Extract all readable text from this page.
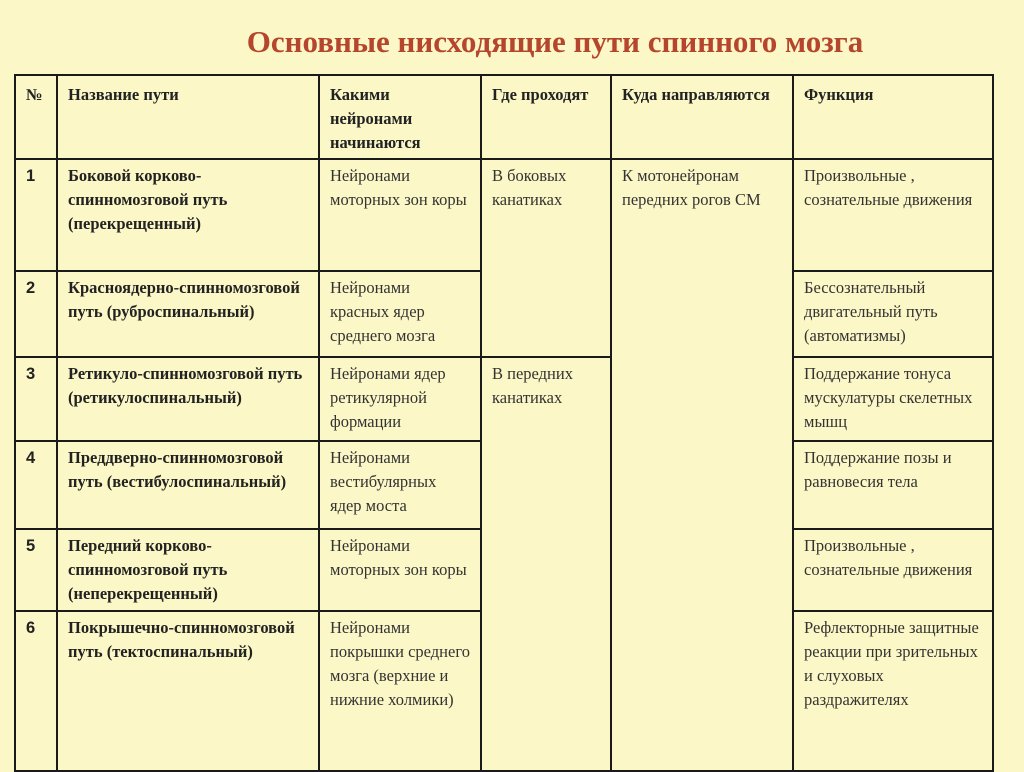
Основные нисходящие пути спинного мозга
№	Название пути	Какими нейронами начинаются	Где проходят	Куда направляются	Функция
1	Боковой корково-спинномозговой путь (перекрещенный)	Нейронами моторных зон коры	В боковых канатиках	К мотонейронам передних рогов СМ	Произвольные , сознательные движения
2	Красноядерно-спинномозговой путь (руброспинальный)	Нейронами красных ядер среднего мозга			Бессознательный двигательный путь (автоматизмы)
3	Ретикуло-спинномозговой путь (ретикулоспинальный)	Нейронами ядер ретикулярной формации	В передних канатиках		Поддержание тонуса мускулатуры скелетных мышц
4	Преддверно-спинномозговой путь (вестибулоспинальный)	Нейронами вестибулярных ядер моста			Поддержание позы и равновесия тела
5	Передний корково-спинномозговой путь (неперекрещенный)	Нейронами моторных зон коры			Произвольные , сознательные движения
6	Покрышечно-спинномозговой путь (тектоспинальный)	Нейронами покрышки среднего мозга (верхние и нижние холмики)			Рефлекторные защитные реакции при зрительных и слуховых раздражителях
